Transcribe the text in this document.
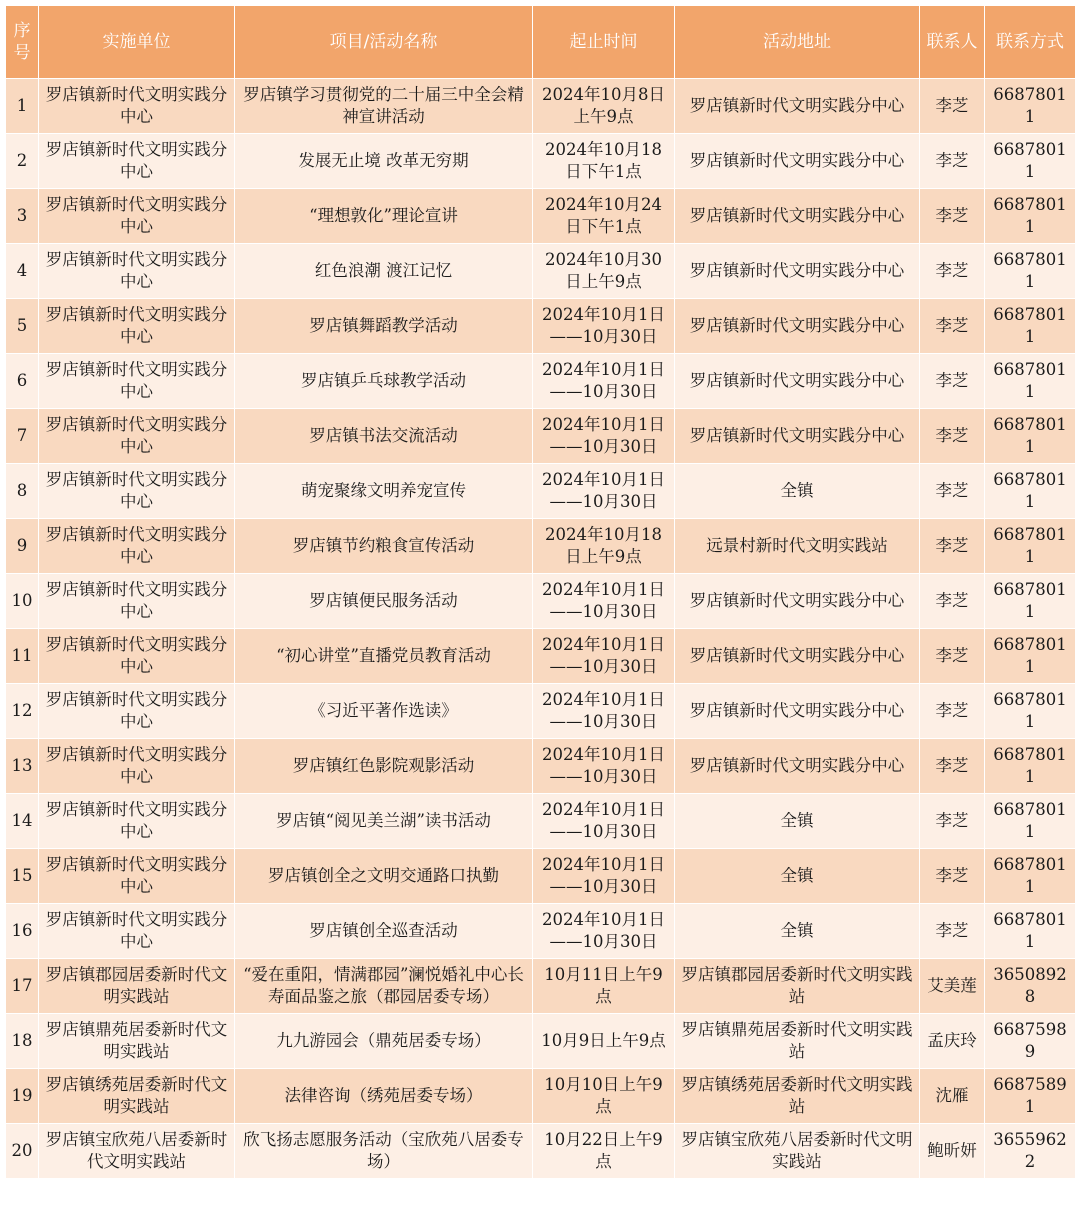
序号	实施单位	项目/活动名称	起止时间	活动地址	联系人	联系方式
1	罗店镇新时代文明实践分中心	罗店镇学习贯彻党的二十届三中全会精神宣讲活动	2024年10月8日上午9点	罗店镇新时代文明实践分中心	李芝	66878011
2	罗店镇新时代文明实践分中心	发展无止境 改革无穷期	2024年10月18日下午1点	罗店镇新时代文明实践分中心	李芝	66878011
3	罗店镇新时代文明实践分中心	“理想敦化”理论宣讲	2024年10月24日下午1点	罗店镇新时代文明实践分中心	李芝	66878011
4	罗店镇新时代文明实践分中心	红色浪潮 渡江记忆	2024年10月30日上午9点	罗店镇新时代文明实践分中心	李芝	66878011
5	罗店镇新时代文明实践分中心	罗店镇舞蹈教学活动	2024年10月1日——10月30日	罗店镇新时代文明实践分中心	李芝	66878011
6	罗店镇新时代文明实践分中心	罗店镇乒乓球教学活动	2024年10月1日——10月30日	罗店镇新时代文明实践分中心	李芝	66878011
7	罗店镇新时代文明实践分中心	罗店镇书法交流活动	2024年10月1日——10月30日	罗店镇新时代文明实践分中心	李芝	66878011
8	罗店镇新时代文明实践分中心	萌宠聚缘文明养宠宣传	2024年10月1日——10月30日	全镇	李芝	66878011
9	罗店镇新时代文明实践分中心	罗店镇节约粮食宣传活动	2024年10月18日上午9点	远景村新时代文明实践站	李芝	66878011
10	罗店镇新时代文明实践分中心	罗店镇便民服务活动	2024年10月1日——10月30日	罗店镇新时代文明实践分中心	李芝	66878011
11	罗店镇新时代文明实践分中心	“初心讲堂”直播党员教育活动	2024年10月1日——10月30日	罗店镇新时代文明实践分中心	李芝	66878011
12	罗店镇新时代文明实践分中心	《习近平著作选读》	2024年10月1日——10月30日	罗店镇新时代文明实践分中心	李芝	66878011
13	罗店镇新时代文明实践分中心	罗店镇红色影院观影活动	2024年10月1日——10月30日	罗店镇新时代文明实践分中心	李芝	66878011
14	罗店镇新时代文明实践分中心	罗店镇“阅见美兰湖”读书活动	2024年10月1日——10月30日	全镇	李芝	66878011
15	罗店镇新时代文明实践分中心	罗店镇创全之文明交通路口执勤	2024年10月1日——10月30日	全镇	李芝	66878011
16	罗店镇新时代文明实践分中心	罗店镇创全巡查活动	2024年10月1日——10月30日	全镇	李芝	66878011
17	罗店镇郡园居委新时代文明实践站	“爱在重阳，情满郡园”澜悦婚礼中心长寿面品鉴之旅（郡园居委专场）	10月11日上午9点	罗店镇郡园居委新时代文明实践站	艾美莲	36508928
18	罗店镇鼎苑居委新时代文明实践站	九九游园会（鼎苑居委专场）	10月9日上午9点	罗店镇鼎苑居委新时代文明实践站	孟庆玲	66875989
19	罗店镇绣苑居委新时代文明实践站	法律咨询（绣苑居委专场）	10月10日上午9点	罗店镇绣苑居委新时代文明实践站	沈雁	66875891
20	罗店镇宝欣苑八居委新时代文明实践站	欣飞扬志愿服务活动（宝欣苑八居委专场）	10月22日上午9点	罗店镇宝欣苑八居委新时代文明实践站	鲍昕妍	36559622
